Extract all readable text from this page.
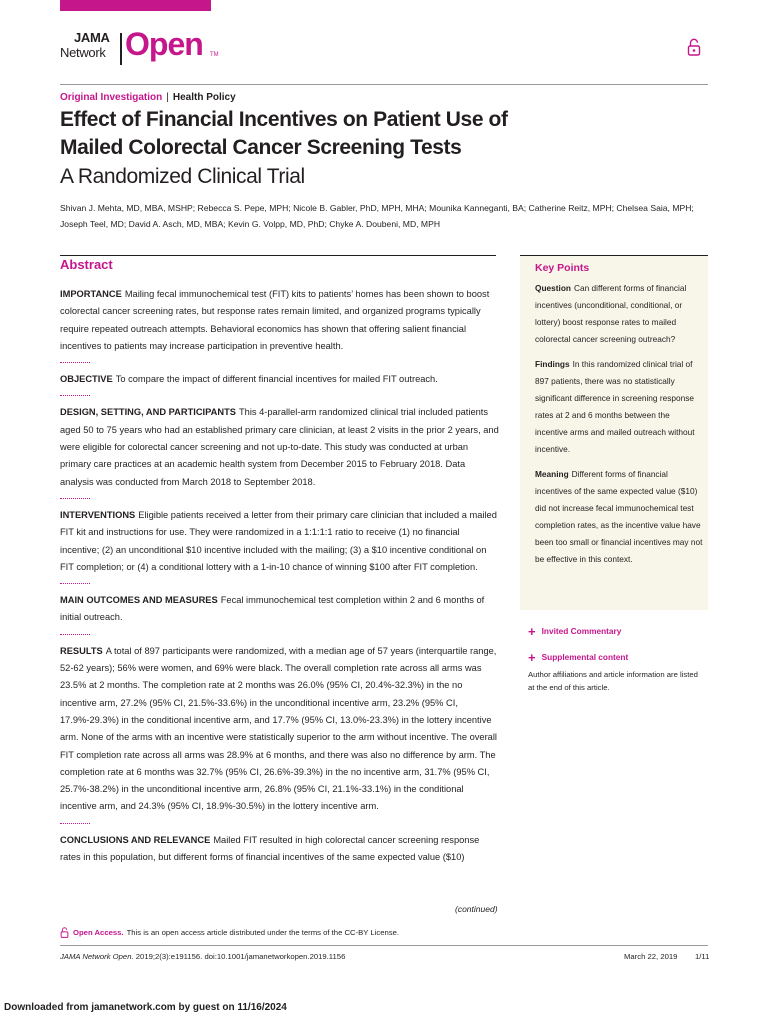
JAMA
Network Open TM
Original Investigation | Health Policy
Effect of Financial Incentives on Patient Use of Mailed Colorectal Cancer Screening Tests
A Randomized Clinical Trial

Shivan J. Mehta, MD, MBA, MSHP; Rebecca S. Pepe, MPH; Nicole B. Gabler, PhD, MPH, MHA; Mounika Kanneganti, BA; Catherine Reitz, MPH; Chelsea Saia, MPH; Joseph Teel, MD; David A. Asch, MD, MBA; Kevin G. Volpp, MD, PhD; Chyke A. Doubeni, MD, MPH

Abstract

IMPORTANCE Mailing fecal immunochemical test (FIT) kits to patients’ homes has been shown to boost colorectal cancer screening rates, but response rates remain limited, and organized programs typically require repeated outreach attempts. Behavioral economics has shown that offering salient financial incentives to patients may increase participation in preventive health.

OBJECTIVE To compare the impact of different financial incentives for mailed FIT outreach.

DESIGN, SETTING, AND PARTICIPANTS This 4-parallel-arm randomized clinical trial included patients aged 50 to 75 years who had an established primary care clinician, at least 2 visits in the prior 2 years, and were eligible for colorectal cancer screening and not up-to-date. This study was conducted at urban primary care practices at an academic health system from December 2015 to February 2018. Data analysis was conducted from March 2018 to September 2018.

INTERVENTIONS Eligible patients received a letter from their primary care clinician that included a mailed FIT kit and instructions for use. They were randomized in a 1:1:1:1 ratio to receive (1) no financial incentive; (2) an unconditional $10 incentive included with the mailing; (3) a $10 incentive conditional on FIT completion; or (4) a conditional lottery with a 1-in-10 chance of winning $100 after FIT completion.

MAIN OUTCOMES AND MEASURES Fecal immunochemical test completion within 2 and 6 months of initial outreach.

RESULTS A total of 897 participants were randomized, with a median age of 57 years (interquartile range, 52-62 years); 56% were women, and 69% were black. The overall completion rate across all arms was 23.5% at 2 months. The completion rate at 2 months was 26.0% (95% CI, 20.4%-32.3%) in the no incentive arm, 27.2% (95% CI, 21.5%-33.6%) in the unconditional incentive arm, 23.2% (95% CI, 17.9%-29.3%) in the conditional incentive arm, and 17.7% (95% CI, 13.0%-23.3%) in the lottery incentive arm. None of the arms with an incentive were statistically superior to the arm without incentive. The overall FIT completion rate across all arms was 28.9% at 6 months, and there was also no difference by arm. The completion rate at 6 months was 32.7% (95% CI, 26.6%-39.3%) in the no incentive arm, 31.7% (95% CI, 25.7%-38.2%) in the unconditional incentive arm, 26.8% (95% CI, 21.1%-33.1%) in the conditional incentive arm, and 24.3% (95% CI, 18.9%-30.5%) in the lottery incentive arm.

CONCLUSIONS AND RELEVANCE Mailed FIT resulted in high colorectal cancer screening response rates in this population, but different forms of financial incentives of the same expected value ($10)

(continued)
Key Points

Question Can different forms of financial incentives (unconditional, conditional, or lottery) boost response rates to mailed colorectal cancer screening outreach?

Findings In this randomized clinical trial of 897 patients, there was no statistically significant difference in screening response rates at 2 and 6 months between the incentive arms and mailed outreach without incentive.

Meaning Different forms of financial incentives of the same expected value ($10) did not increase fecal immunochemical test completion rates, as the incentive value have been too small or financial incentives may not be effective in this context.

+ Invited Commentary
+ Supplemental content
Author affiliations and article information are listed at the end of this article.
Open Access. This is an open access article distributed under the terms of the CC-BY License.
JAMA Network Open. 2019;2(3):e191156. doi:10.1001/jamanetworkopen.2019.1156	March 22, 2019 1/11
Downloaded from jamanetwork.com by guest on 11/16/2024
